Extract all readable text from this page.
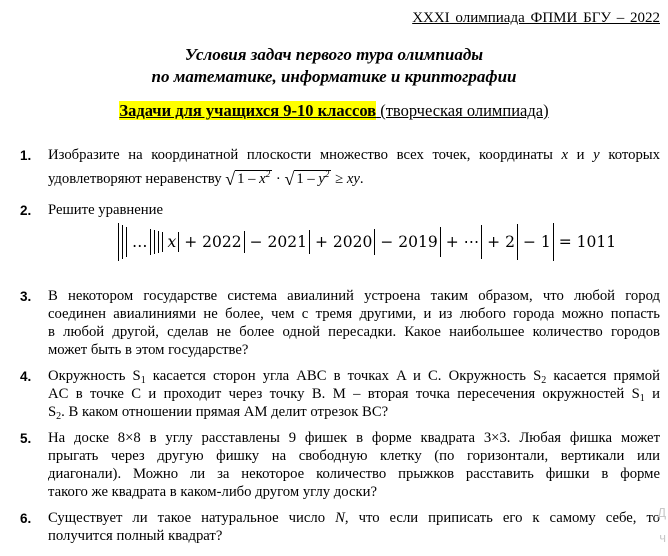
XXXI олимпиада ФПМИ БГУ – 2022
Условия задач первого тура олимпиады
по математике, информатике и криптографии
Задачи для учащихся 9-10 классов (творческая олимпиада)
1. Изобразите на координатной плоскости множество всех точек, координаты x и y которых
удовлетворяют неравенству √ $1 - x^2$ · √ $1 - y^2$ ≥ xy.
2. Решите уравнение
… x + 2022 − 2021 + 2020 − 2019 + ⋯ + 2 − 1 = 1011
3. В некотором государстве система авиалиний устроена таким образом, что любой город
соединен авиалиниями не более, чем с тремя другими, и из любого города можно попасть
в любой другой, сделав не более одной пересадки. Какое наибольшее количество городов
может быть в этом государстве?
4. Окружность $S_1$ касается сторон угла ABC в точках A и C. Окружность $S_2$ касается прямой
AC в точке C и проходит через точку B. M – вторая точка пересечения окружностей $S_1$ и
$S_2$. В каком отношении прямая AM делит отрезок BC?
5. На доске 8×8 в углу расставлены 9 фишек в форме квадрата 3×3. Любая фишка может
прыгать через другую фишку на свободную клетку (по горизонтали, вертикали или
диагонали). Можно ли за некоторое количество прыжков расставить фишки в форме
такого же квадрата в каком-либо другом углу доски?
6. Существует ли такое натуральное число N, что если приписать его к самому себе, то
получится полный квадрат?
Д
ч
